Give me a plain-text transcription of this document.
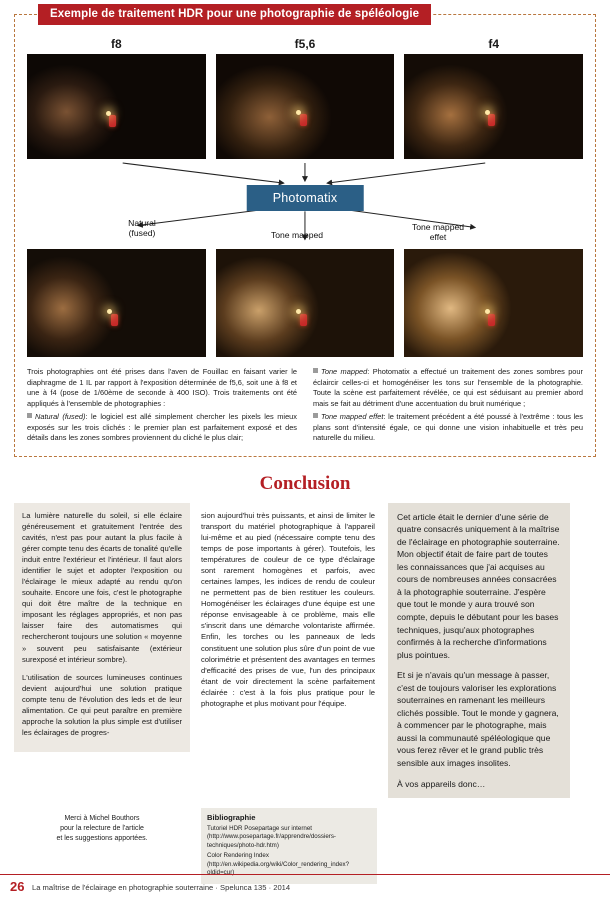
Exemple de traitement HDR pour une photographie de spéléologie
f8	f5,6	f4
Photomatix
Natural
(fused)	Tone mapped
Tone mapped
effet
Trois photographies ont été prises dans l'aven de Fouillac en faisant varier le diaphragme de 1 IL par rapport à l'exposition déterminée de f5,6, soit une à f8 et une à f4 (pose de 1/60ème de seconde à 400 ISO). Trois traitements ont été appliqués à l'ensemble de photographies :
Natural (fused): le logiciel est allé simplement chercher les pixels les mieux exposés sur les trois clichés : le premier plan est parfaitement exposé et des détails dans les zones sombres proviennent du cliché le plus clair;
Tone mapped: Photomatix a effectué un traitement des zones sombres pour éclaircir celles-ci et homogénéiser les tons sur l'ensemble de la photographie. Toute la scène est parfaitement révélée, ce qui est séduisant au premier abord mais se fait au détriment d'une accentuation du bruit numérique ;
Tone mapped effet: le traitement précédent a été poussé à l'extrême : tous les plans sont d'intensité égale, ce qui donne une vision inhabituelle et très peu naturelle du milieu.
Conclusion

La lumière naturelle du soleil, si elle éclaire généreusement et gratuitement l'entrée des cavités, n'est pas pour autant la plus facile à gérer compte tenu des écarts de tonalité qu'elle induit entre l'extérieur et l'intérieur. Il faut alors identifier le sujet et adopter l'exposition ou l'éclairage le mieux adapté au rendu qu'on souhaite. Encore une fois, c'est le photographe qui doit être maître de la technique en imposant les réglages appropriés, et non pas laisser faire des automatismes qui rechercheront toujours une solution « moyenne » souvent peu satisfaisante (extérieur surexposé et intérieur sombre).

L'utilisation de sources lumineuses continues devient aujourd'hui une solution pratique compte tenu de l'évolution des leds et de leur alimentation. Ce qui peut paraître en première approche la solution la plus simple est d'utiliser les éclairages de progres-

sion aujourd'hui très puissants, et ainsi de limiter le transport du matériel photographique à l'appareil lui-même et au pied (nécessaire compte tenu des temps de pose importants à gérer). Toutefois, les températures de couleur de ce type d'éclairage sont rarement homogènes et parfois, avec certaines lampes, les indices de rendu de couleur ne permettent pas de bien restituer les couleurs. Homogénéiser les éclairages d'une équipe est une réponse envisageable à ce problème, mais elle s'inscrit dans une démarche volontariste affirmée. Enfin, les torches ou les panneaux de leds constituent une solution plus sûre d'un point de vue colorimétrie et présentent des avantages en termes d'efficacité des prises de vue, l'un des principaux étant de voir directement la scène parfaitement éclairée : c'est à la fois plus pratique pour le photographe et plus motivant pour l'équipe.

Cet article était le dernier d'une série de quatre consacrés uniquement à la maîtrise de l'éclairage en photographie souterraine. Mon objectif était de faire part de toutes les connaissances que j'ai acquises au cours de nombreuses années consacrées à la photographie souterraine. J'espère que tout le monde y aura trouvé son compte, depuis le débutant pour les bases techniques, jusqu'aux photographes confirmés à la recherche d'informations plus pointues.

Et si je n'avais qu'un message à passer, c'est de toujours valoriser les explorations souterraines en ramenant les meilleurs clichés possible. Tout le monde y gagnera, à commencer par le photographe, mais aussi la communauté spéléologique que vous ferez rêver et le grand public très sensible aux images insolites.

À vos appareils donc…

Merci à Michel Bouthors
pour la relecture de l'article
et les suggestions apportées.
Bibliographie

Tutoriel HDR Posepartage sur internet (http://www.posepartage.fr/apprendre/dossiers-techniques/photo-hdr.htm)

Color Rendering Index (http://en.wikipedia.org/wiki/Color_rendering_index?oldid=cur)

26 La maîtrise de l'éclairage en photographie souterraine · Spelunca 135 · 2014
